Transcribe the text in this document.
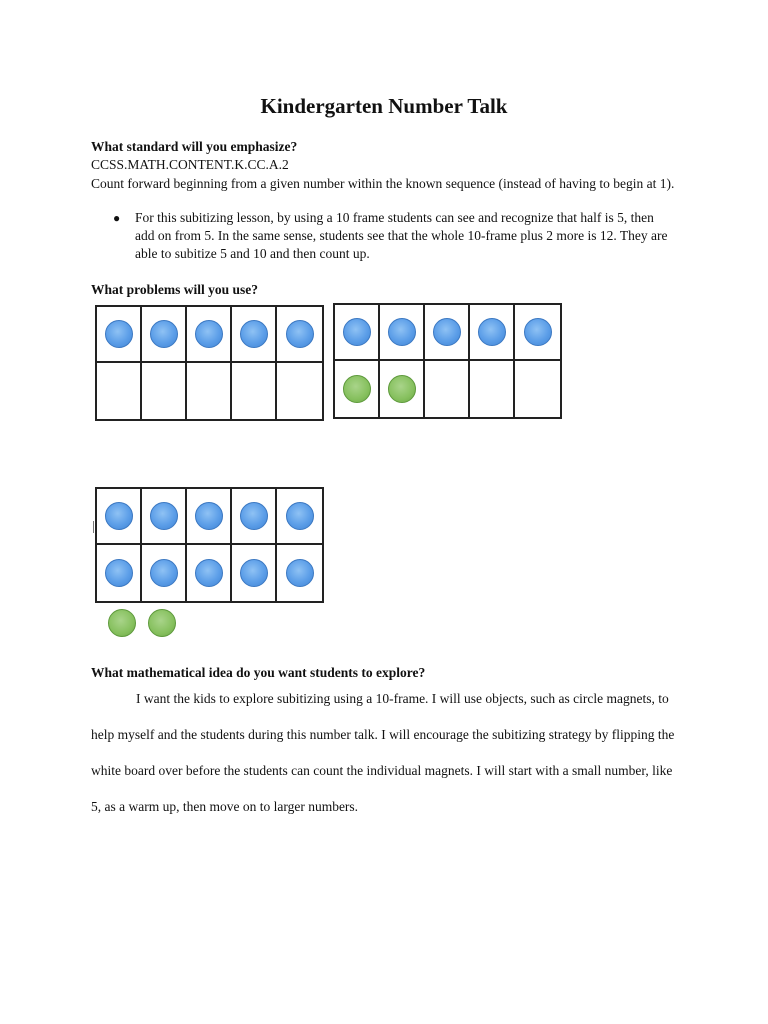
Kindergarten Number Talk

What standard will you emphasize?

CCSS.MATH.CONTENT.K.CC.A.2

Count forward beginning from a given number within the known sequence (instead of having to begin at 1).

● For this subitizing lesson, by using a 10 frame students can see and recognize that half is 5, then add on from 5. In the same sense, students see that the whole 10-frame plus 2 more is 12. They are able to subitize 5 and 10 and then count up.

What problems will you use?

What mathematical idea do you want students to explore?

I want the kids to explore subitizing using a 10-frame. I will use objects, such as circle magnets, to help myself and the students during this number talk. I will encourage the subitizing strategy by flipping the white board over before the students can count the individual magnets. I will start with a small number, like 5, as a warm up, then move on to larger numbers.
